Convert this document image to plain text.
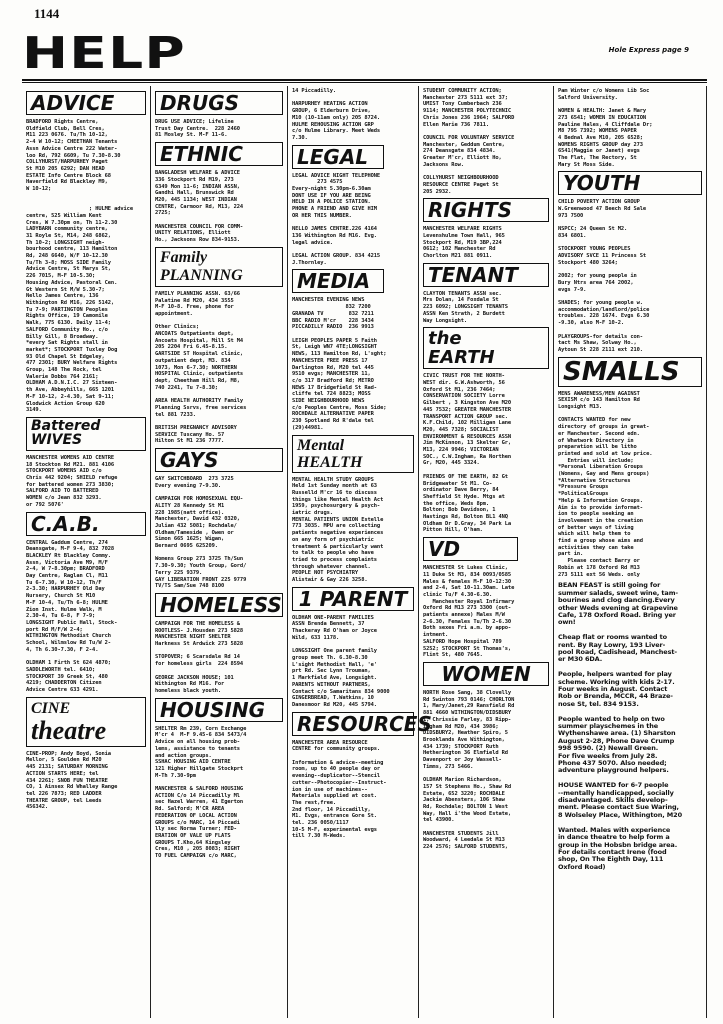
1144
HELP	Hole Express page 9
ADVICE
BRADFORD Rights Centre,
Oldfield Club, Bell Cres,
M11 223 0676. Tu/Th 10-12,
2-4 W 10-12; CHEETHAN Tenants
Assn Advice Centre 222 Water-
loo Rd, 792 6609, Tu 7.30-8.30
COLLYHURST/HARPURHEY Paget
St M10 205 6292; DAN HEAD
ESTATE Info Centre Block 68
Haverfield Rd Blackley M9,
W 10-12;

; HULME advice
centre, 525 William Kent
Cres, W 7.30pm on, Th 11-2.30
LADYBARN community centre,
31 Royle St, M14, 248 6862,
Th 10-2; LONGSIGHT neigh-
bourhood centre, 113 Hamilton
Rd, 248 6640, W/F 10-12.30
Tu/Th 3-8; MOSS SIDE Family
Advice Centre, St Marys St,
226 7015, M-F 10-5.30;
Housing Advice, Pastoral Cen.
Gt Western St M/W 5.30-7;
Nello James Centre, 136
Withington Rd M16, 226 5142,
Tu 7-9; PARTINGTON Peoples
Rights Office, 19 Camomile
Walk, 775 6130. Daily 11-4;
SALFORD Community Ho., c/o
Billy Gill, 8 Broadway.
*every Sat Rights stall in
market*; STOCKPORT Tuxley Dog
93 Old Chapel St Edgeley,
477 2301; BURY Welfare Rights
Group, 148 The Rock, tel
Valerie Dobbs 764 2161;
OLDHAM A.D.N.I.C. 27 Sixteen-
th Ave, Abbeyhills, 665 1201
M-F 10-12, 2-4.30, Sat 9-11;
Glodwick Action Group 620
3149.
Battered WIVES
MANCHESTER WOMENS AID CENTRE
18 Stockton Rd M21. 881 4106
STOCKPORT WOMENS AID c/o
Chris 442 9204; SHIELD refuge
for battered women 273 3830;
SALFORD AID TO BATTERED
WOMEN c/o Jean 832 3293.
or 792 5076'
C.A.B.
CENTRAL Gaddum Centre, 274
Deansgate, M-F 9-4, 832 7028
BLACKLEY Rt Blackley Commy.
Assn, Victoria Ave M9, M/F
2-4, W 7-8.30pm; BRADFORD
Day Centre, Raglan Cl, M11
Tu 6-7.30, W 10-12, Th/F
2-3.30; HARPURHEY Old Day
Nursery, Church St M10
M-F 10-4, Tu/Th 6-8; HULME
Zion Inst. Hulme Walk, M
2.30-4, Tu 6-8, F 7-9;
LONGSIGHT Public Hall, Stock-
port Rd M/F/W 2-4;
WITHINGTON Methodist Church
School, Wilmslow Rd Tu/W 2-
4, Th 6.30-7.30, F 2-4.

OLDHAM 1 Firth St 624 4870;
SADDLEWORTH tel. 6410;
STOCKPORT 39 Greek St, 480
4219; CHADDERTON Citizen
Advice Centre 633 4291.
CINE
theatre
CINE-PROP; Andy Boyd, Sonia
Mellor, 5 Goulden Rd M20
445 2131; SATURDAY MORNING
ACTION STARTS HERE; tel
434 2261; SNOB FUN THEATRE
CO, 1 Ainsex Rd Whalley Range
tel 226 7873; RED LADDER
THEATRE GROUP, tel Leeds
456342.
DRUGS
DRUG USE ADVICE; Lifeline
Trust Day Centre.  228 2460
81 Mosley St. M-F 11-6.
ETHNIC
BANGLADESH WELFARE & ADVICE
336 Stockport Rd M19, 273
6349 Mon 11-6; INDIAN ASSN,
Gandhi Hall, Brunswick Rd
M20, 445 1134; WEST INDIAN
CENTRE, Carmoor Rd, M13, 224
2725;

MANCHESTER COUNCIL FOR COMM-
UNITY RELATIONS, Elliott
Ho., Jacksons Row 834-9153.
Family
PLANNING
FAMILY PLANNING ASSN. 63/66
Palatine Rd M20, 434 3555
M-F 10-8. Free, phone for
appointment.

Other Clinics;
ANCOATS Outpatients dept,
Ancoats Hospital, Mill St M4
205 2204 Fri 6.45-8.15.
GARTSIDE ST Hospital clinic,
outpatient dept, M3. 834
1073, Mon 6-7.30; NORTHERN
HOSPITAL Clinic, outpatients
dept, Cheetham Hill Rd, M8,
740 2241, Tu 7-8.30;

AREA HEALTH AUTHORITY Family
Planning Ssrvs, free services
tel 881 7233.

BRITISH PREGNANCY ADVISORY
SERVICE Tuscany Ho. 57
Hilton St M1 236 7777.
GAYS
GAY SWITCHBOARD  273 3725
Every evening 7-9.30.

CAMPAIGN FOR HOMOSEXUAL EQU-
ALITY 28 Kennedy St M1
228 1985(natt office).
Manchester, David 432 0320,
Julian 432 5081; Rochdale/
Oldham/Tameside , Owen or
Simon 665 1625; Wigan,
Bernard 0695 625209.

Womens Group 273 3725 Th/Sun
7.30-9.30; Youth Group, Gord/
Terry 225 9379.
GAY LIBERATION FRONT 225 9779
TV/TS Sam/Sue 748 8100
HOMELESS
CAMPAIGN FOR THE HOMELESS &
ROOTLESS- J.Housden 273 5828
MANCHESTER NIGHT SHELTER
Harkness St Ardwick 273 5828

STOPOVER; 6 Scarsdale Rd 14
for homeless girls  224 8594

GEORGE JACKSON HOUSE; 101
Withington Rd M16. For
homeless black youth.
HOUSING
SHELTER Rm 239, Corn Exchange
M'cr 4  M-F 9.45-6 834 5473/4
Advice on all housing prob-
lems, assistance to tenants
and action groups.
SSHAC HOUSING AID CENTRE
121 Higher Hillgate Stockprt
M-Th 7.30-9pm

MANCHESTER & SALFORD HOUSING
ACTION C/o 14 Piccadilly Ml
sec Hazel Warren, 41 Egerton
Rd. Salford; M'CR AREA
FEDERATION OF LOCAL ACTION
GROUPS c/o MARC, 14 Piccadi
lly sec Norma Turner; FED-
ERATION OF VALE UP FLATS
GROUPS T.Kho,64 Kingsley
Cres, M10 , 205 8083; RIGHT
TO FUEL CAMPAIGN c/o MARC,
14 Piccadilly.

HARPURHEY HEATING ACTION
GROUP, 6 Elderburn Drive,
M10 (10-11am only) 205 8724.
HULME REHOUSING ACTION GRP
c/o Hulme Library. Meet Weds
7.30.
LEGAL
LEGAL ADVICE NIGHT TELEPHONE
273 4575
Every-night 5.30pm-6.30am
DONT USE IF YOU ARE BEING
HELD IN A POLICE STATION.
PHONE A FRIEND AND GIVE HIM
OR HER THIS NUMBER.

NELLO JAMES CENTRE.226 4164
136 Withington Rd M16. Evg.
legal advice.

LEGAL ACTION GROUP. 834 4215
J.Thornley.
MEDIA
MANCHESTER EVENING NEWS
832 7200
GRANADA TV        832 7211
BBC RADIO M'cr    228 3434
PICCADILLY RADIO  236 9913

LEIGH PEOPLES PAPER 5 Faith
St, Leigh WN7 4TE;LONGSIGHT
NEWS, 113 Hamilton Rd, L'sght;
MANCHESTER FREE PRESS 17
Darlington Rd, M20 tel 445
9510 evgs; MANCHESTER 11,
c/o 317 Bradford Rd; METRO
NEWS 17 Bridgefield St Rad-
cliffe tel 724 8823; MOSS
SIDE NEIGHBOURHOOD NEWS
c/o Peoples Centre, Moss Side;
ROCHDALE ALTERNATIVE PAPER
230 Spotland Rd R'dale tel
(29)44981.
Mental
HEALTH
MENTAL HEALTH STUDY GROUPS
Held 1st Sunday month at 63
Russelld M'cr 16 to discuss
things like Mental Health Act
1959, psychosurgery & psych-
iatric drugs.
MENTAL PATIENTS UNION Estelle
773 3035. MPU are collecting
patients negative experiences
on any form of psychiatric
treatment & particularly want
to talk to people who have
tried to process complaints
through whatever channel.
PEOPLE NOT PSYCHIATRY
Alistair & Gay 226 3258.
1 PARENT
OLDHAM ONE-PARENT FAMILIES
ASSN Brenda Bennett, 37
Thackeray Rd O'ham or Joyce
Wild, 633 1178.

LONGSIGHT One parent family
group meet Th. 6.30-8.30
L'sight Methodist Hall, 'e'
prt Rd. Sec Lynn Trouman,
1 Markfield Ave, Longsight.
PARENTS WITHOUT PARTNERS,
Contact c/o Samaritans 834 9000
GINGERBREAD, T.Watkins, 10
Danesmoor Rd M20, 445 5794.
RESOURCES
MANCHESTER AREA RESOURCE
CENTRE for community groups.

Information & advice--meeting
room, up to 40 people day or
evening--duplicator--Stencil
cutter--Photocopier--Instruct-
ion in use of machines--
Materials supplied at cost.
The rest,free.
2nd floor, 14 Piccadilly,
M1. Evgs, entrance Gore St.
tel. 236 0050/1117
10-5 M-F, experimental evgs
till 7.30 M-Weds.
STUDENT COMMUNITY ACTION;
Manchester 273 5111 ext 37;
UMIST Tony Cumberbach 236
9114; MANCHESTER POLYTECHNIC
Chris Jones 236 1964; SALFORD
Ellen Marie 736 7811.

COUNCIL FOR VOLUNTARY SERVICE
Manchester, Geddum Centre,
274 Deansgate 834 4834.
Greater M'cr, Elliott Ho,
Jacksons Row.

COLLYHURST NEIGHBOURHOOD
RESOURCE CENTRE Paget St
205 2932.
RIGHTS
MANCHESTER WELFARE RIGHTS
Levenshulme Town Hall, 965
Stockport Rd, M19 3BP,224
0612; 102 Manchester Rd
Chorlton M21 881 0911.
TENANT
CLAYTON TENANTS ASSN sec.
Mrs Dolan, 14 Foxdale St
223 6092; LONGSIGHT TENANTS
ASSN Ken Strath, 2 Burdett
Way Longsight.
the
EARTH
CIVIC TRUST FOR THE NORTH-
WEST dir. G.W.Ashworth, 56
Oxford St M1, 236 7464;
CONSERVATION SOCIETY Lorre
Gilbert , 3 Kingston Ave M20
445 7532; GREATER MANCHESTER
TRANSPORT ACTION GROUP sec.
K.F.Child, 102 Milligan Lane
M20, 445 7328; SOCIALIST
ENVIRONMENT & RESOURCES ASSN
Jim McKinnon, 13 Skelter Gr,
M13, 224 9946; VICTORIAN
SOC., C.W.Ingham, Ra Northen
Gr, M20, 445 3324.

FRIENDS OF THE EARTH, 82 Gt
Bridgewater St M1. Co-
ordinator Dave Berry, 84
Sheffield St Hyde. Mtgs at
the office, Weds 8pm.
Bolton; Bob Davidson, 1
Hastings Rd, Bolton BL1 4NQ
Oldham Dr D.Gray, 34 Park La
Pitton Hill, O'ham.
VD
MANCHESTER St Lukes Clinic,
11 Duke St M3, 834 0093/0585
Males & females M-F 10-12:30
and 2-4, Sat 10-11.30am. Late
clinic Tu/F 4.30-6.30.
Manchester Royal Infirmary
Oxford Rd M13 273 3300 (out-
patients annexe) Males M/W
2-6.30, Females Tu/Th 2-6.30
Both sexes Fri a.m. by appo-
intment.
SALFORD Hope Hospital 789
5252; STOCKPORT St Thomas's,
Flint St, 480 7645.
WOMEN
NORTH Rose Sang, 38 Clovelly
Rd Swinton 793 0146; CHORLTON
1, Mary/Janet,29 Ransfield Rd
881 4660 WITHINGTON/DIDSBURY
1, Chrissie Farley, 83 Ripp-
ingham Rd M20, 434 3986;
DIDSBURY2, Heather Spiro, 5
Brooklands Ave Withington,
434 1739; STOCKPORT Ruth
Hetherington 36 Elmfield Rd
Davenport or Joy Wassell-
Timms, 273 5466.

OLDHAM Marion Richardson,
157 St Stephens Ho., Shaw Rd
Estate, 652 3220; ROCHDALE
Jackie Abensters, 106 Shaw
Rd, Rochdale; BOLTON 1 West
Way, Hall i'the Wood Estate,
tel 43900.

MANCHESTER STUDENTS Jill
Woodward, 4 Leedale St M13
224 2576; SALFORD STUDENTS,
Pam Winter c/o Womens Lib Soc
Salford University.

WOMEN & HEALTH: Janet & Mary
273 6541; WOMEN IN EDUCATION
Pauline Hales, 4 Cliffdale Dr;
M8 795 7392; WOMENS PAPER
4 Bednal Ave M10, 205 6528;
WOMENS RIGHTS GROUP day 273
6541(Maggie or Janet) evgs
The Flat, The Rectory, St
Mary St Moss Side.
YOUTH
CHILD POVERTY ACTION GROUP
W.Greenwood 47 Beech Rd Sale
973 7500

NSPCC; 24 Queen St M2.
834 6801.

STOCKPORT YOUNG PEOPLES
ADVISORY SVCE 11 Princess St
Stockport 480 3264;

2002; for young people in
Bury Ntrs area 764 2002,
evgs 7-9.

SHADES; for young people w.
accommodation/landlord/police
troubles. 228 1674. Evgs 6.30
-9.30, also M-F 10-2.

PLAYGROUPS-for details con-
tact Ms Shaw, Solway Ho.,
Aytoun St 228 2111 ext 210.
SMALLS
MENS AWARENESS/MEN AGAINST
SEXISM c/o 143 Hamilton Rd
Longsight M13.

CONTACTS WANTED for new
directory of groups in great-
er Manchester. Second edn.
of Whatwork Directory in
preparation will be litho
printed and sold at low price.
Entries will include;
*Personal Liberation Groups
(Womens, Gay and Mens groups)
*Alternative Structures
*Pressure Groups
*PoliticalGroups
*Help & Information Groups.
Aim is to provide informat-
ion to people seeking an
involvement in the creation
of better ways of living
which will help them to
find a group whose aims and
activities they can take
part in.
Please contact Barry or
Robin at 178 Oxford Rd M13
273 5111 ext 56 Weds. only
BEAN FEAST is still going for
summer salads, sweet wine, tam-
bourines and clog dancing.Every
other Weds evening at Grapevine
Cafe, 178 Oxford Road. Bring yer
own!

Cheap flat or rooms wanted to
rent. By Ray Lowry, 193 Liver-
pool Road, Cadishead, Manchest-
er M30 6DA.

People, helpers wanted for play
scheme. Working with kids 2-17.
Four weeks in August. Contact
Rob or Brenda, MCCR, 44 Braze-
nose St, tel. 834 9153.

People wanted to help on two
summer playschemes in the
Wythenshawe area. (1) Sharston
August 2-28, Phone Dave Crump
998 9590. (2) Newall Green.
For five weeks from July 28.
Phone 437 5070. Also needed;
adventure playground helpers.

HOUSE WANTED for 6-7 people
--mentally handicapped, socially
disadvantaged. Skills develop-
ment. Please contact Sue Waring,
8 Wolseley Place, Withington, M20

Wanted. Males with experience
in dance theatre to help form a
group in the Hobsbn bridge area.
For details contact Irene (food
shop, On The Eighth Day, 111
Oxford Road)
